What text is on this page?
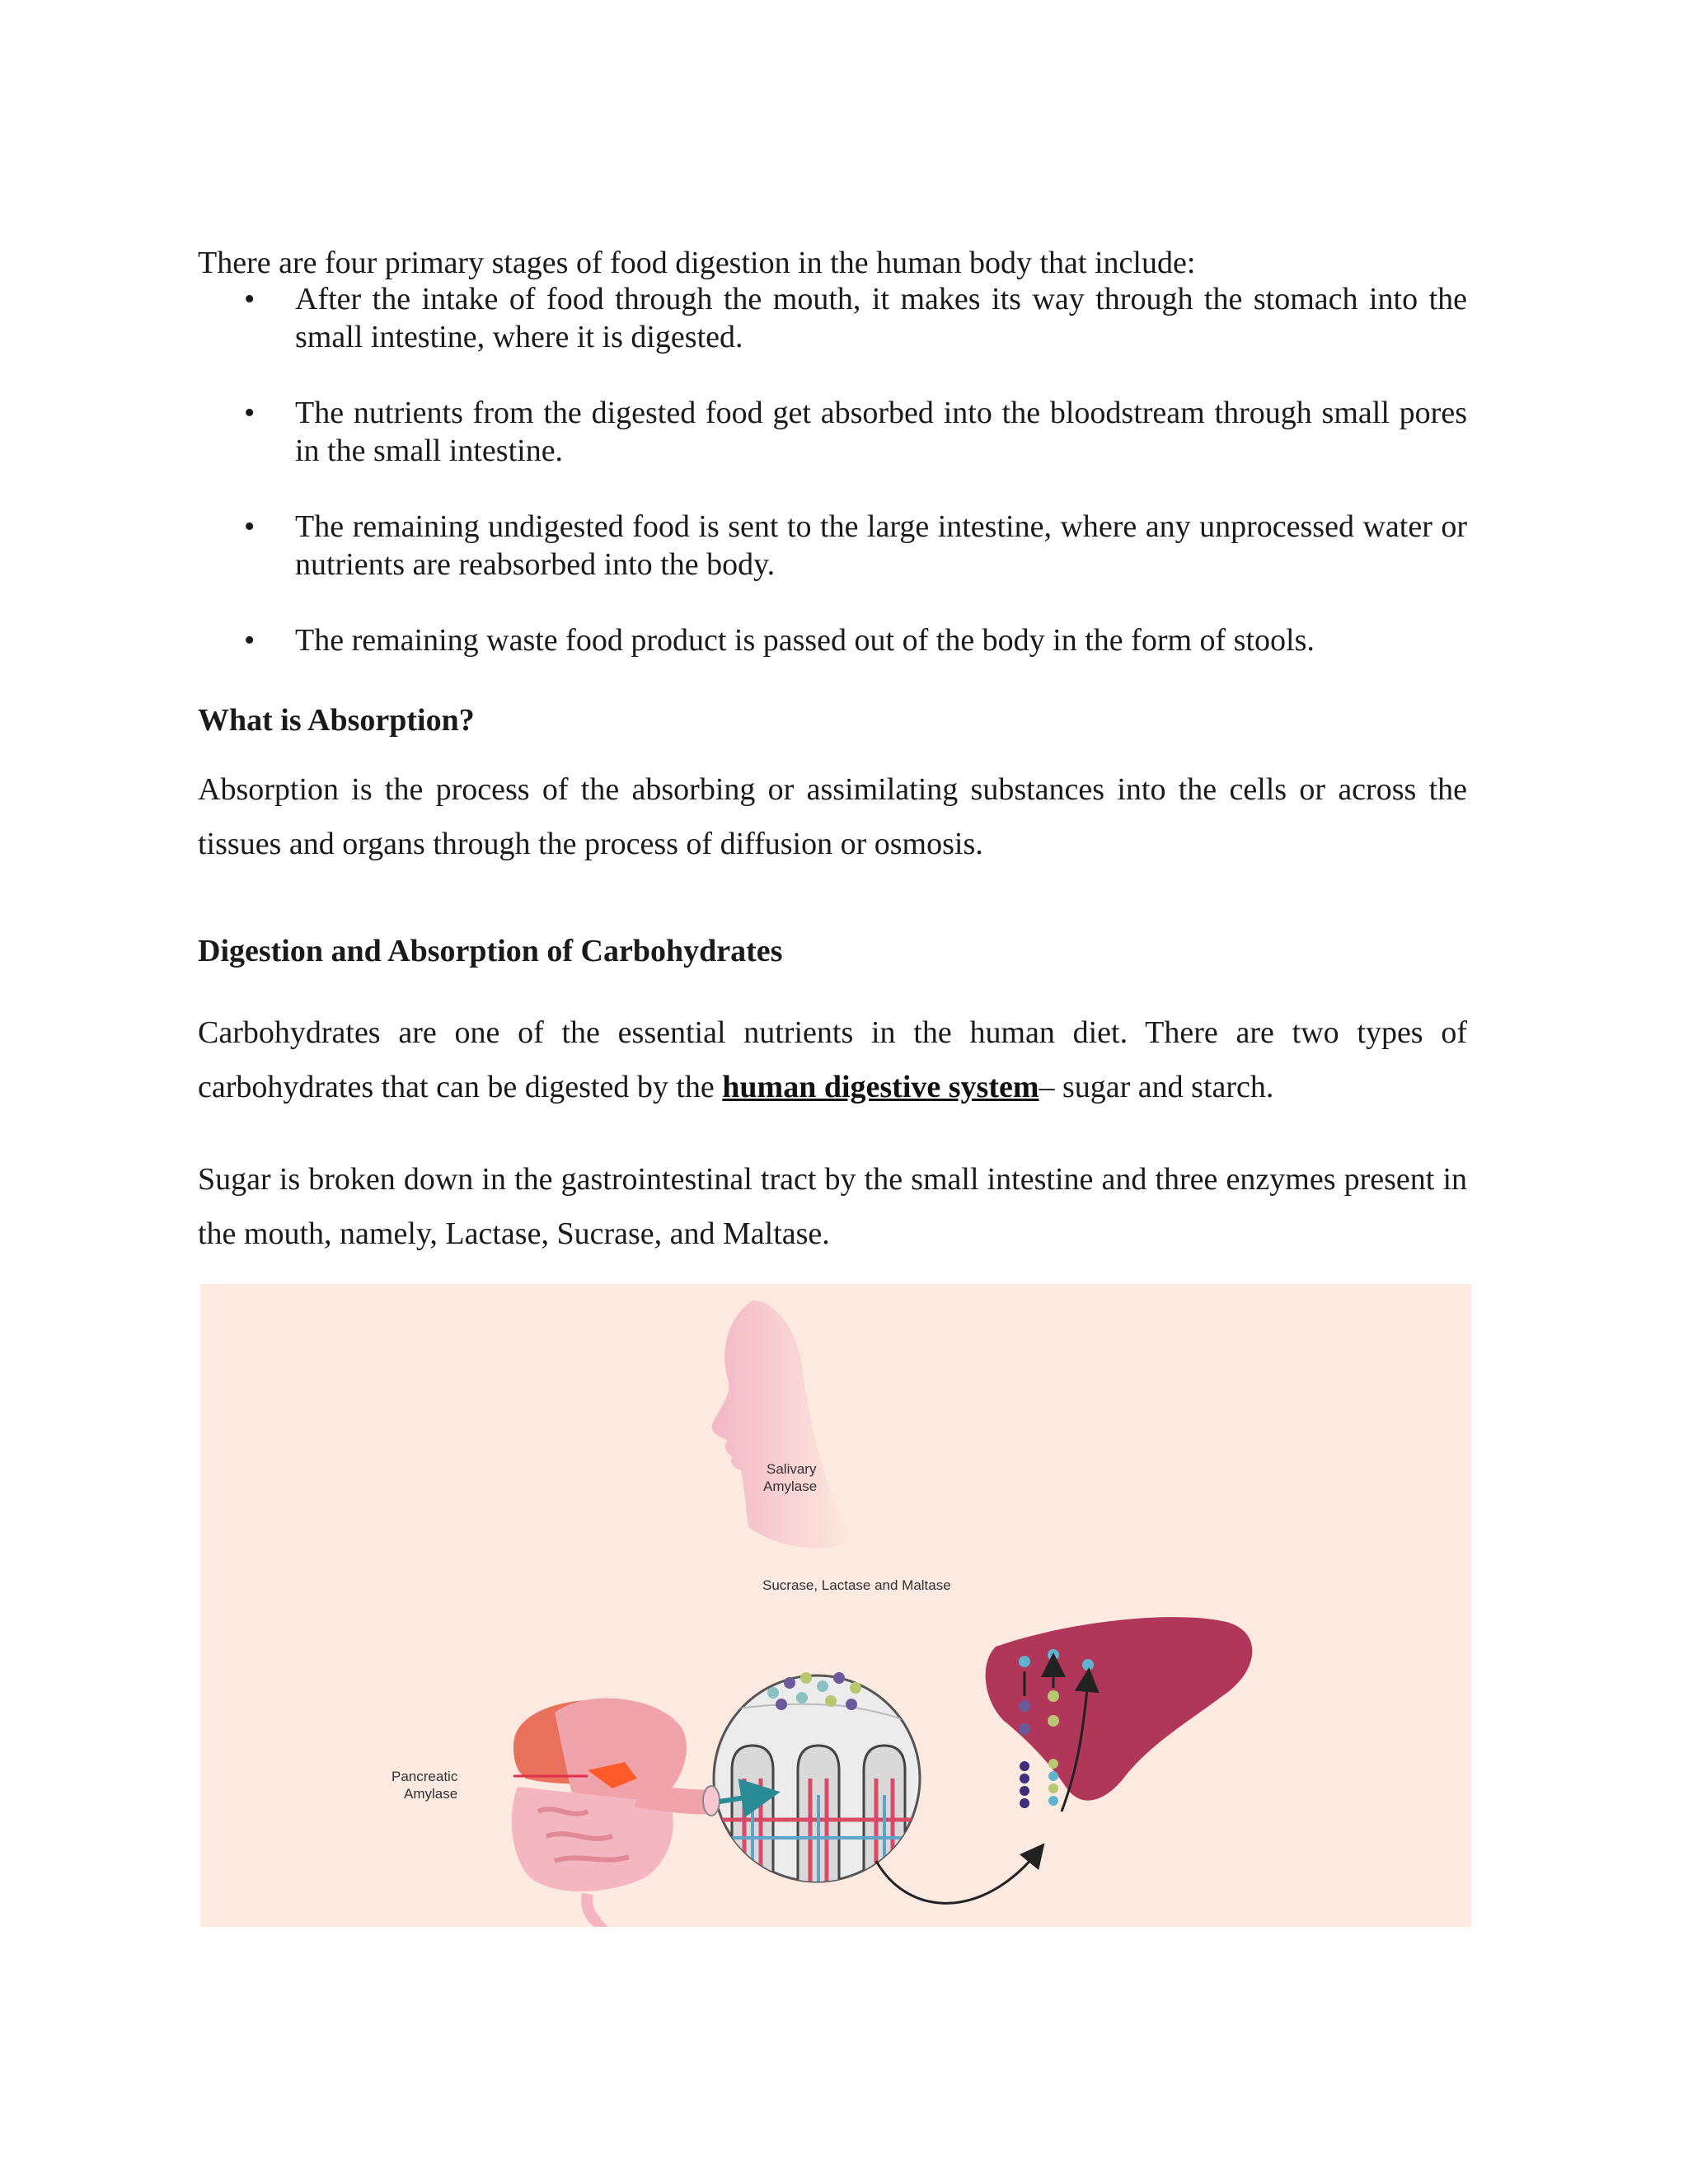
There are four primary stages of food digestion in the human body that include:

• After the intake of food through the mouth, it makes its way through the stomach into the small intestine, where it is digested.
• The nutrients from the digested food get absorbed into the bloodstream through small pores in the small intestine.
• The remaining undigested food is sent to the large intestine, where any unprocessed water or nutrients are reabsorbed into the body.
• The remaining waste food product is passed out of the body in the form of stools.
What is Absorption?

Absorption is the process of the absorbing or assimilating substances into the cells or across the tissues and organs through the process of diffusion or osmosis.

Digestion and Absorption of Carbohydrates

Carbohydrates are one of the essential nutrients in the human diet. There are two types of carbohydrates that can be digested by the human digestive system– sugar and starch.

Sugar is broken down in the gastrointestinal tract by the small intestine and three enzymes present in the mouth, namely, Lactase, Sucrase, and Maltase.

Salivary
Amylase
Sucrase, Lactase and Maltase
Pancreatic
Amylase
